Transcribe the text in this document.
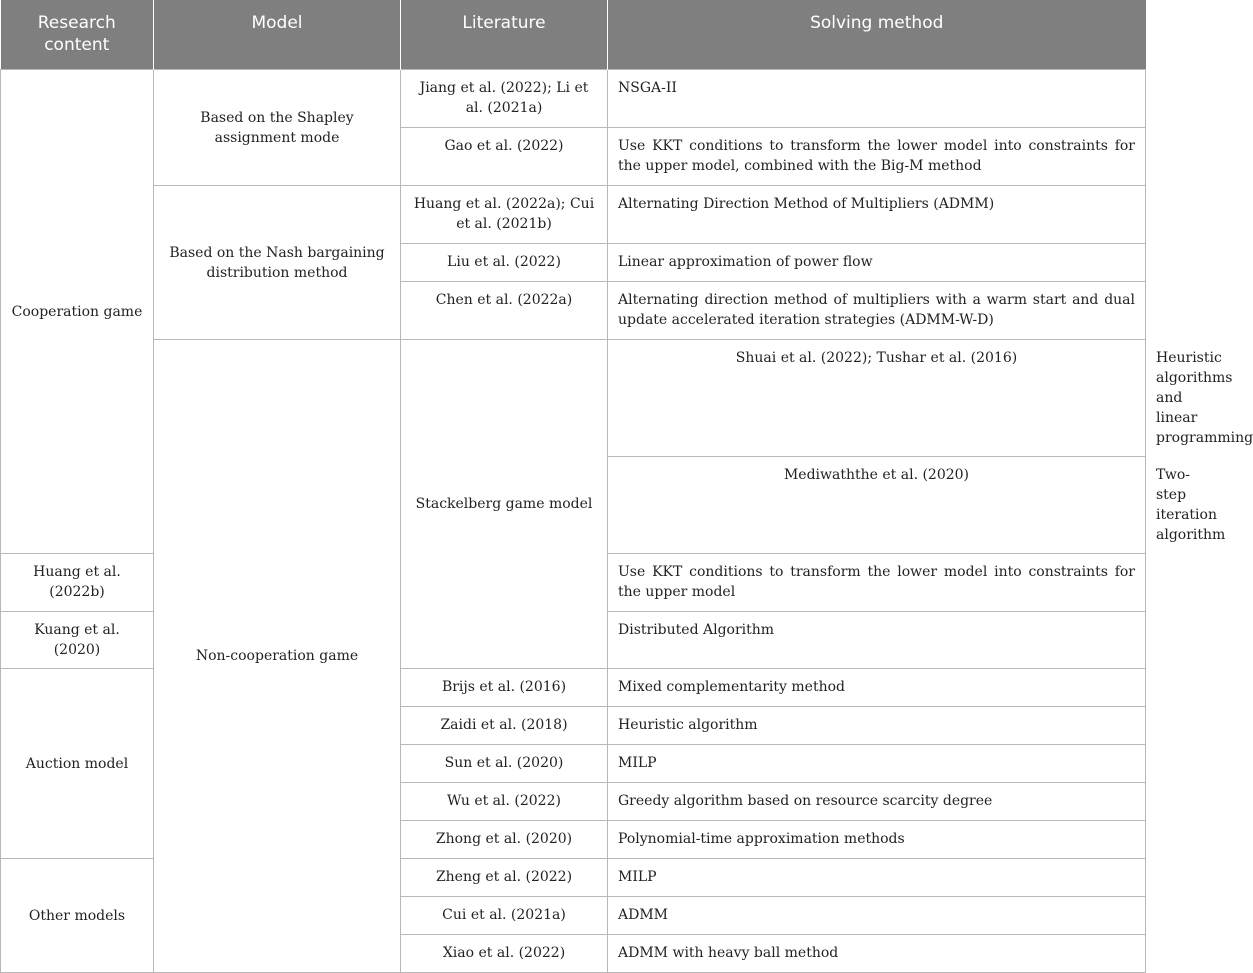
Research content	Model	Literature	Solving method	
Cooperation game	Based on the Shapley assignment mode	Jiang et al. (2022); Li et al. (2021a)	NSGA-II	
		Gao et al. (2022)	Use KKT conditions to transform the lower model into constraints for the upper model, combined with the Big-M method	
	Based on the Nash bargaining distribution method	Huang et al. (2022a); Cui et al. (2021b)	Alternating Direction Method of Multipliers (ADMM)	
		Liu et al. (2022)	Linear approximation of power flow	
		Chen et al. (2022a)	Alternating direction method of multipliers with a warm start and dual update accelerated iteration strategies (ADMM-W-D)	
	Non-cooperation game	Stackelberg game model	Shuai et al. (2022); Tushar et al. (2016)	Heuristic algorithms and linear programming
			Mediwaththe et al. (2020)	Two-step iteration algorithm
Huang et al. (2022b)			Use KKT conditions to transform the lower model into constraints for the upper model	
Kuang et al. (2020)			Distributed Algorithm	
Auction model		Brijs et al. (2016)	Mixed complementarity method	
		Zaidi et al. (2018)	Heuristic algorithm	
		Sun et al. (2020)	MILP	
		Wu et al. (2022)	Greedy algorithm based on resource scarcity degree	
		Zhong et al. (2020)	Polynomial-time approximation methods	
Other models		Zheng et al. (2022)	MILP	
		Cui et al. (2021a)	ADMM	
		Xiao et al. (2022)	ADMM with heavy ball method	
